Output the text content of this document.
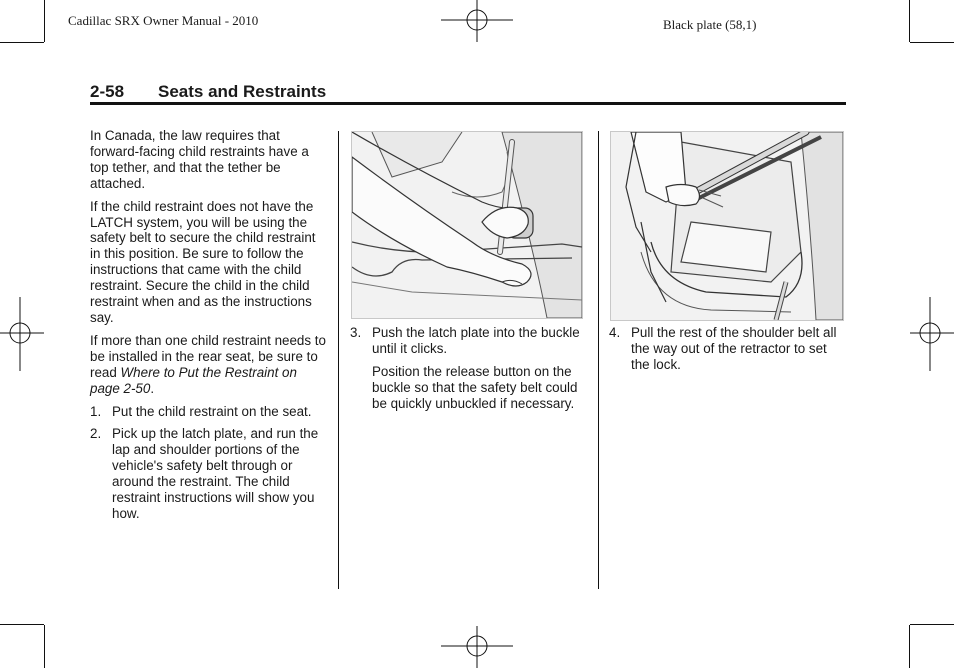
Cadillac SRX Owner Manual - 2010	Black plate (58,1)
2-58 Seats and Restraints

In Canada, the law requires that forward-facing child restraints have a top tether, and that the tether be attached.

If the child restraint does not have the LATCH system, you will be using the safety belt to secure the child restraint in this position. Be sure to follow the instructions that came with the child restraint. Secure the child in the child restraint when and as the instructions say.

If more than one child restraint needs to be installed in the rear seat, be sure to read Where to Put the Restraint on page 2-50.

1. Put the child restraint on the seat.
2. Pick up the latch plate, and run the lap and shoulder portions of the vehicle's safety belt through or around the restraint. The child restraint instructions will show you how.
3. Push the latch plate into the buckle until it clicks.
Position the release button on the buckle so that the safety belt could be quickly unbuckled if necessary.
4. Pull the rest of the shoulder belt all the way out of the retractor to set the lock.
